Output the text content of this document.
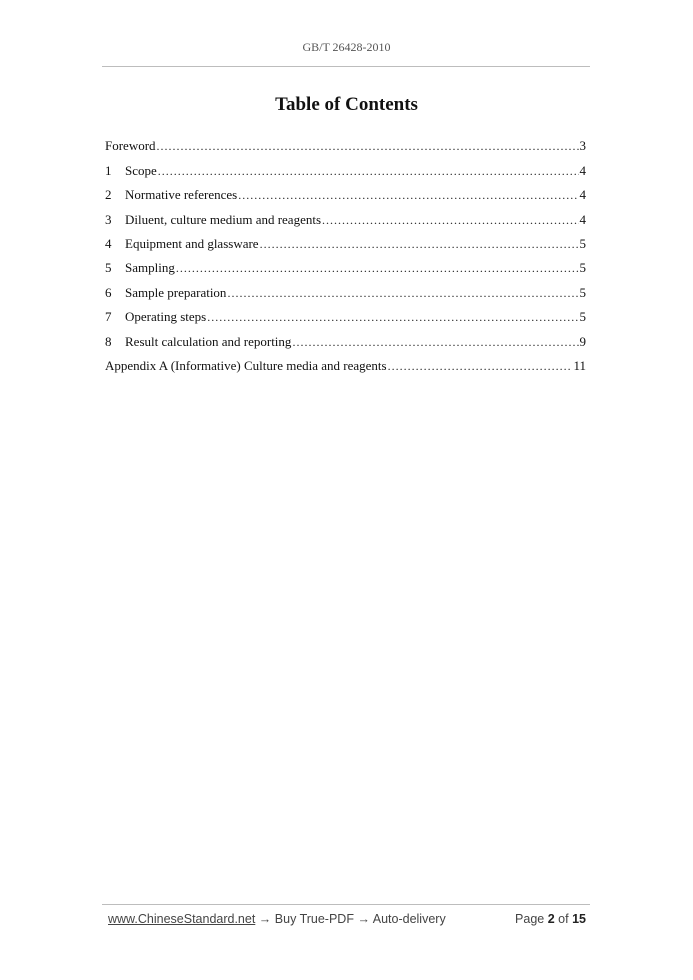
GB/T 26428-2010
Table of Contents
Foreword .....	3
1	Scope .....	4
2	Normative references .....	4
3	Diluent, culture medium and reagents .....	4
4	Equipment and glassware .....	5
5	Sampling .....	5
6	Sample preparation .....	5
7	Operating steps .....	5
8	Result calculation and reporting .....	9
Appendix A (Informative) Culture media and reagents .....	11
www.ChineseStandard.net → Buy True-PDF → Auto-delivery	Page 2 of 15
